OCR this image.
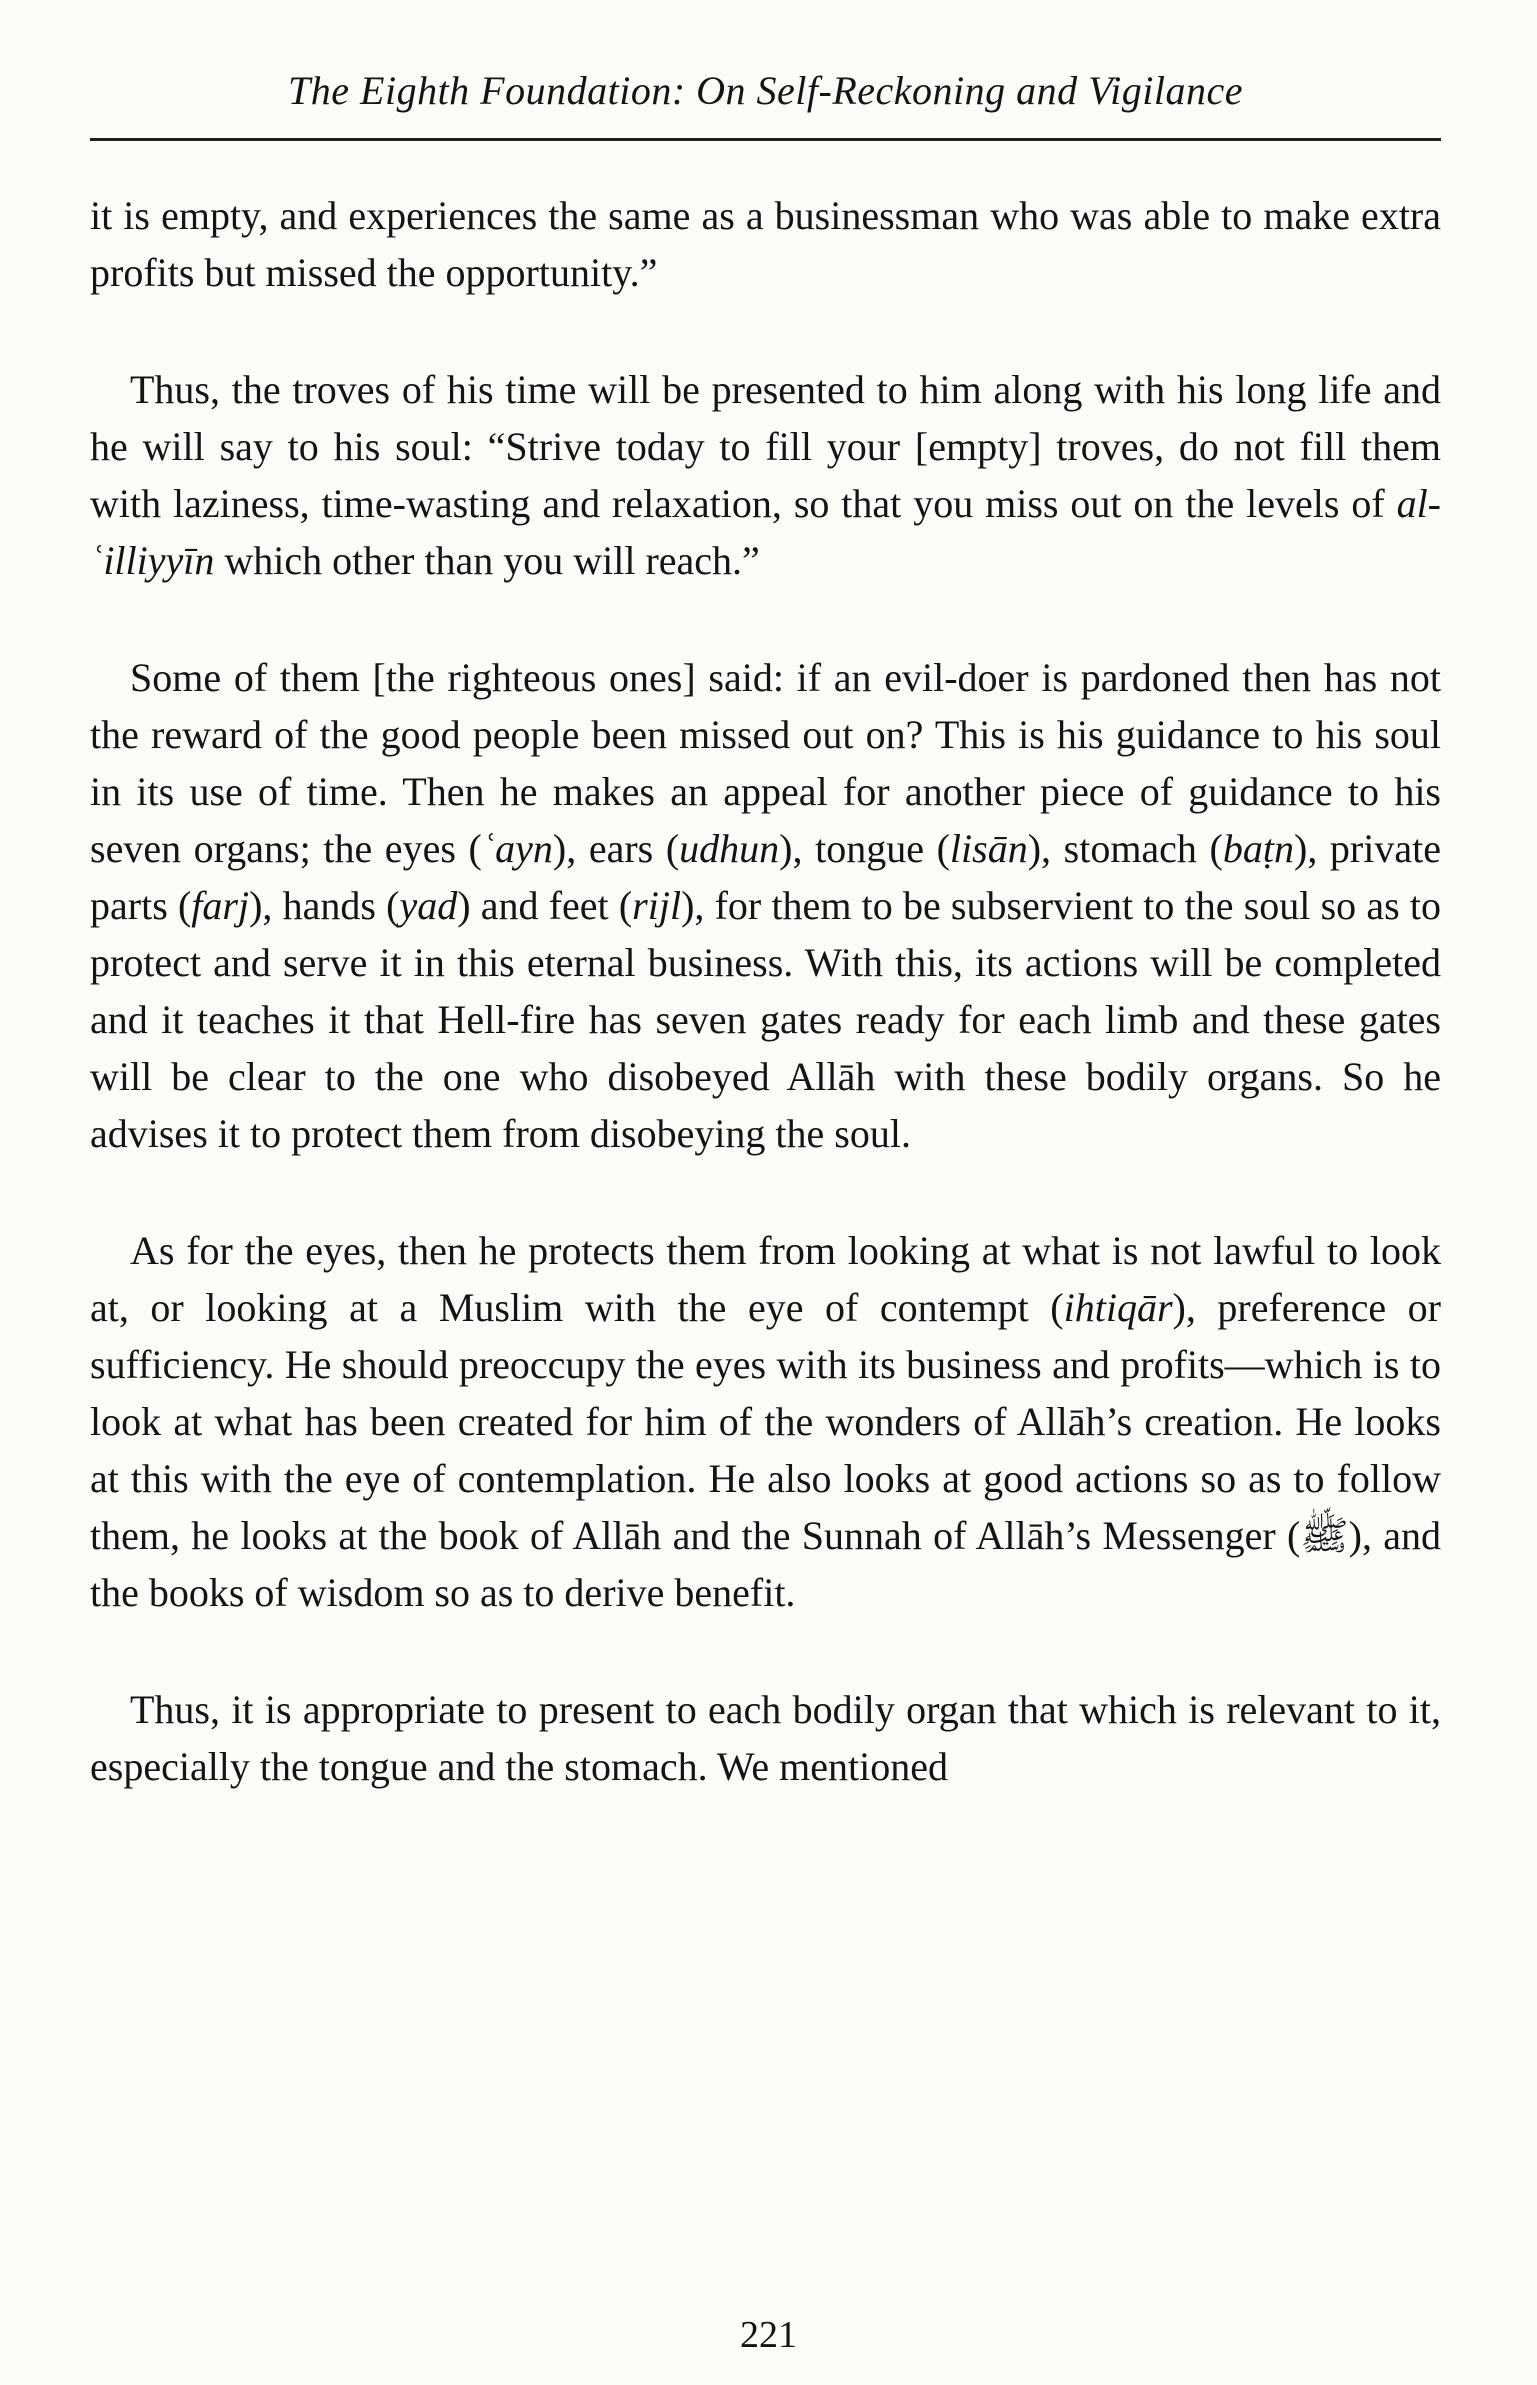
The Eighth Foundation: On Self-Reckoning and Vigilance

it is empty, and experiences the same as a businessman who was able to make extra profits but missed the opportunity.”

Thus, the troves of his time will be presented to him along with his long life and he will say to his soul: “Strive today to fill your [empty] troves, do not fill them with laziness, time-wasting and relaxation, so that you miss out on the levels of al-ʿilliyyīn which other than you will reach.”

Some of them [the righteous ones] said: if an evil-doer is pardoned then has not the reward of the good people been missed out on? This is his guidance to his soul in its use of time. Then he makes an appeal for another piece of guidance to his seven organs; the eyes (ʿayn), ears (udhun), tongue (lisān), stomach (baṭn), private parts (farj), hands (yad) and feet (rijl), for them to be subservient to the soul so as to protect and serve it in this eternal business. With this, its actions will be completed and it teaches it that Hell-fire has seven gates ready for each limb and these gates will be clear to the one who disobeyed Allāh with these bodily organs. So he advises it to protect them from disobeying the soul.

As for the eyes, then he protects them from looking at what is not lawful to look at, or looking at a Muslim with the eye of contempt (ihtiqār), preference or sufficiency. He should preoccupy the eyes with its business and profits—which is to look at what has been created for him of the wonders of Allāh’s creation. He looks at this with the eye of contemplation. He also looks at good actions so as to follow them, he looks at the book of Allāh and the Sunnah of Allāh’s Messenger (ﷺ), and the books of wisdom so as to derive benefit.

Thus, it is appropriate to present to each bodily organ that which is relevant to it, especially the tongue and the stomach. We mentioned

221
